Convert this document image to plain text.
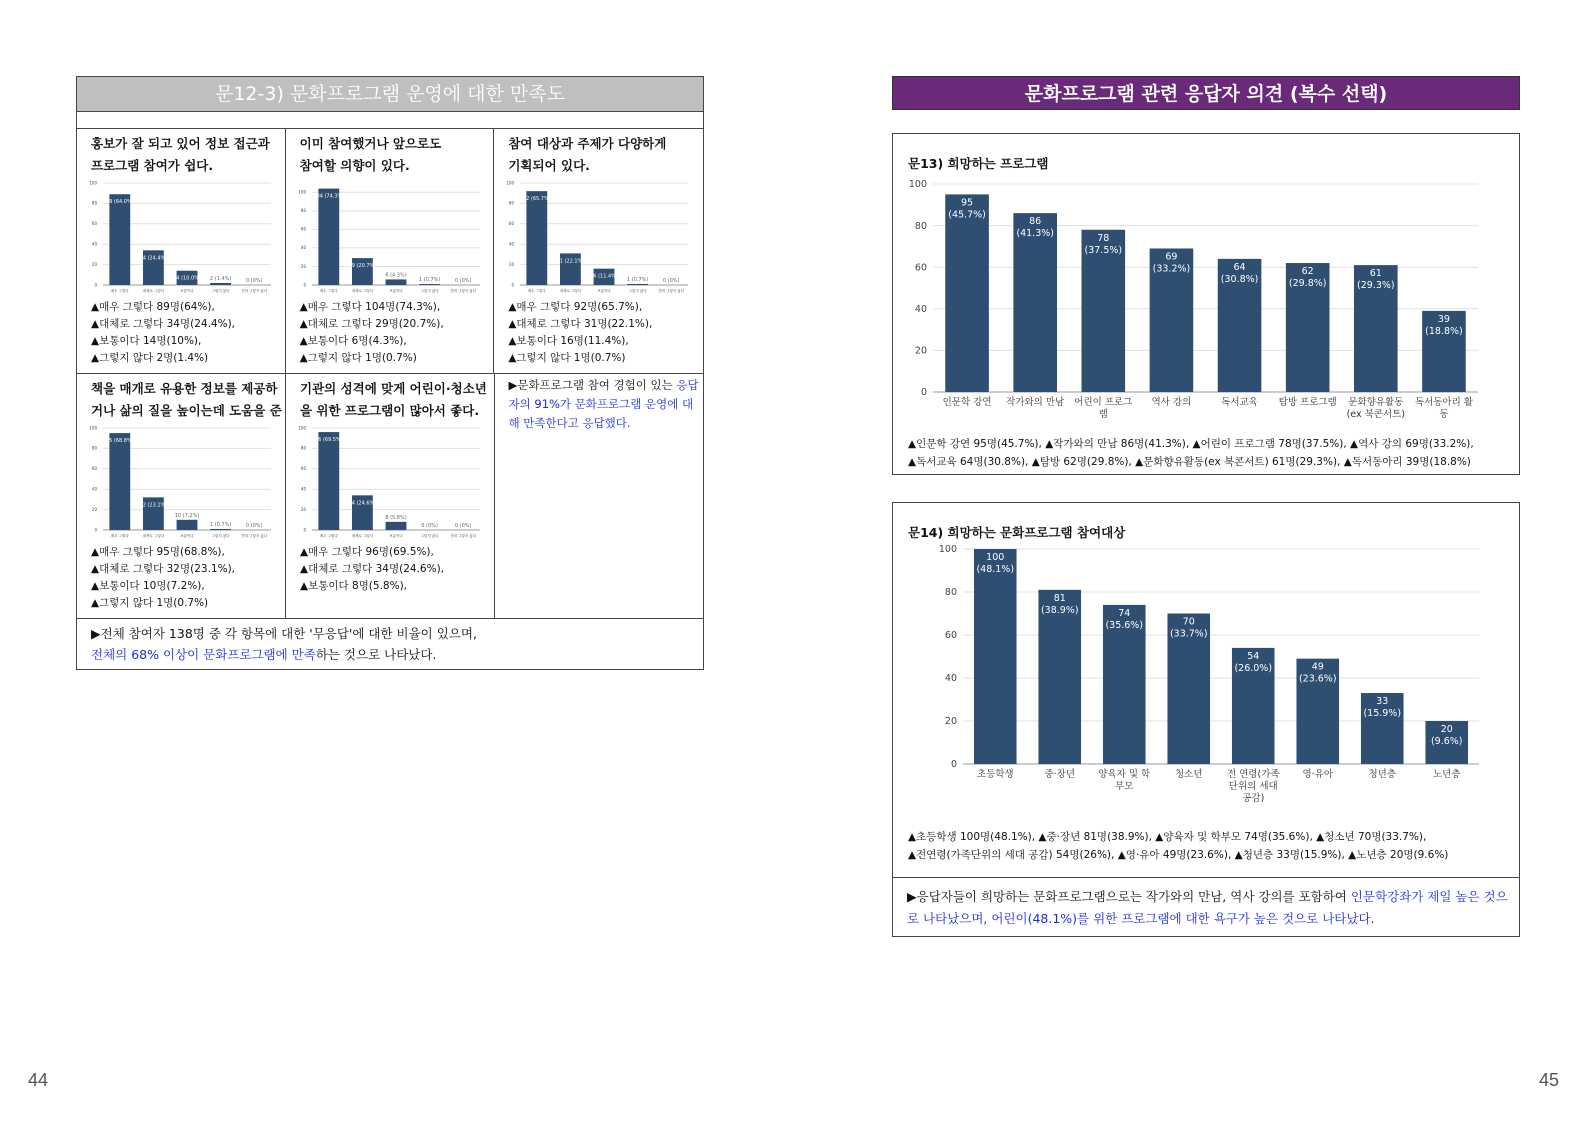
문12-3) 문화프로그램 운영에 대한 만족도
홍보가 잘 되고 있어 정보 접근과
프로그램 참여가 쉽다.
0
20
40
60
80
100
89 (64.0%)
매우 그렇다
34 (24.4%)
대체로 그렇다
14 (10.0%)
보통이다
2 (1.4%)
그렇지 않다
0 (0%)
전혀 그렇지 않다
▲매우 그렇다 89명(64%),
▲대체로 그렇다 34명(24.4%),
▲보통이다 14명(10%),
▲그렇지 않다 2명(1.4%)
이미 참여했거나 앞으로도
참여할 의향이 있다.
0
20
40
60
80
100
104 (74.3%)
매우 그렇다
29 (20.7%)
대체로 그렇다
6 (4.3%)
보통이다
1 (0.7%)
그렇지 않다
0 (0%)
전혀 그렇지 않다
▲매우 그렇다 104명(74.3%),
▲대체로 그렇다 29명(20.7%),
▲보통이다 6명(4.3%),
▲그렇지 않다 1명(0.7%)
참여 대상과 주제가 다양하게
기획되어 있다.
0
20
40
60
80
100
92 (65.7%)
매우 그렇다
31 (22.1%)
대체로 그렇다
16 (11.4%)
보통이다
1 (0.7%)
그렇지 않다
0 (0%)
전혀 그렇지 않다
▲매우 그렇다 92명(65.7%),
▲대체로 그렇다 31명(22.1%),
▲보통이다 16명(11.4%),
▲그렇지 않다 1명(0.7%)
책을 매개로 유용한 정보를 제공하
거나 삶의 질을 높이는데 도움을 준
0
20
40
60
80
100
95 (68.8%)
매우 그렇다
32 (23.1%)
대체로 그렇다
10 (7.2%)
보통이다
1 (0.7%)
그렇지 않다
0 (0%)
전혀 그렇지 않다
▲매우 그렇다 95명(68.8%),
▲대체로 그렇다 32명(23.1%),
▲보통이다 10명(7.2%),
▲그렇지 않다 1명(0.7%)
기관의 성격에 맞게 어린이·청소년
을 위한 프로그램이 많아서 좋다.
0
20
40
60
80
100
96 (69.5%)
매우 그렇다
34 (24.6%)
대체로 그렇다
8 (5.8%)
보통이다
0 (0%)
그렇지 않다
0 (0%)
전혀 그렇지 않다
▲매우 그렇다 96명(69.5%),
▲대체로 그렇다 34명(24.6%),
▲보통이다 8명(5.8%),
▶문화프로그램 참여 경험이 있는 응답자의 91%가 문화프로그램 운영에 대해 만족한다고 응답했다.
▶전체 참여자 138명 중 각 항목에 대한 '무응답'에 대한 비율이 있으며,
전체의 68% 이상이 문화프로그램에 만족하는 것으로 나타났다.
44
문화프로그램 관련 응답자 의견 (복수 선택)
문13) 희망하는 프로그램
0
20
40
60
80
100
95
(45.7%)
인문학 강연
86
(41.3%)
작가와의 만남
78
(37.5%)
어린이 프로그
램
69
(33.2%)
역사 강의
64
(30.8%)
독서교육
62
(29.8%)
탐방 프로그램
61
(29.3%)
문화향유활동
(ex 북콘서트)
39
(18.8%)
독서동아리 활
동
▲인문학 강연 95명(45.7%), ▲작가와의 만남 86명(41.3%), ▲어린이 프로그램 78명(37.5%), ▲역사 강의 69명(33.2%),
▲독서교육 64명(30.8%), ▲탐방 62명(29.8%), ▲문화향유활동(ex 북콘서트) 61명(29.3%), ▲독서동아리 39명(18.8%)
문14) 희망하는 문화프로그램 참여대상
0
20
40
60
80
100
100
(48.1%)
초등학생
81
(38.9%)
중·장년
74
(35.6%)
양육자 및 학
부모
70
(33.7%)
청소년
54
(26.0%)
전 연령(가족
단위의 세대
공감)
49
(23.6%)
영·유아
33
(15.9%)
청년층
20
(9.6%)
노년층
▲초등학생 100명(48.1%), ▲중·장년 81명(38.9%), ▲양육자 및 학부모 74명(35.6%), ▲청소년 70명(33.7%),
▲전연령(가족단위의 세대 공감) 54명(26%), ▲영·유아 49명(23.6%), ▲청년층 33명(15.9%), ▲노년층 20명(9.6%)
▶응답자들이 희망하는 문화프로그램으로는 작가와의 만남, 역사 강의를 포함하여 인문학강좌가 제일 높은 것으로 나타났으며, 어린이(48.1%)를 위한 프로그램에 대한 욕구가 높은 것으로 나타났다.
45
